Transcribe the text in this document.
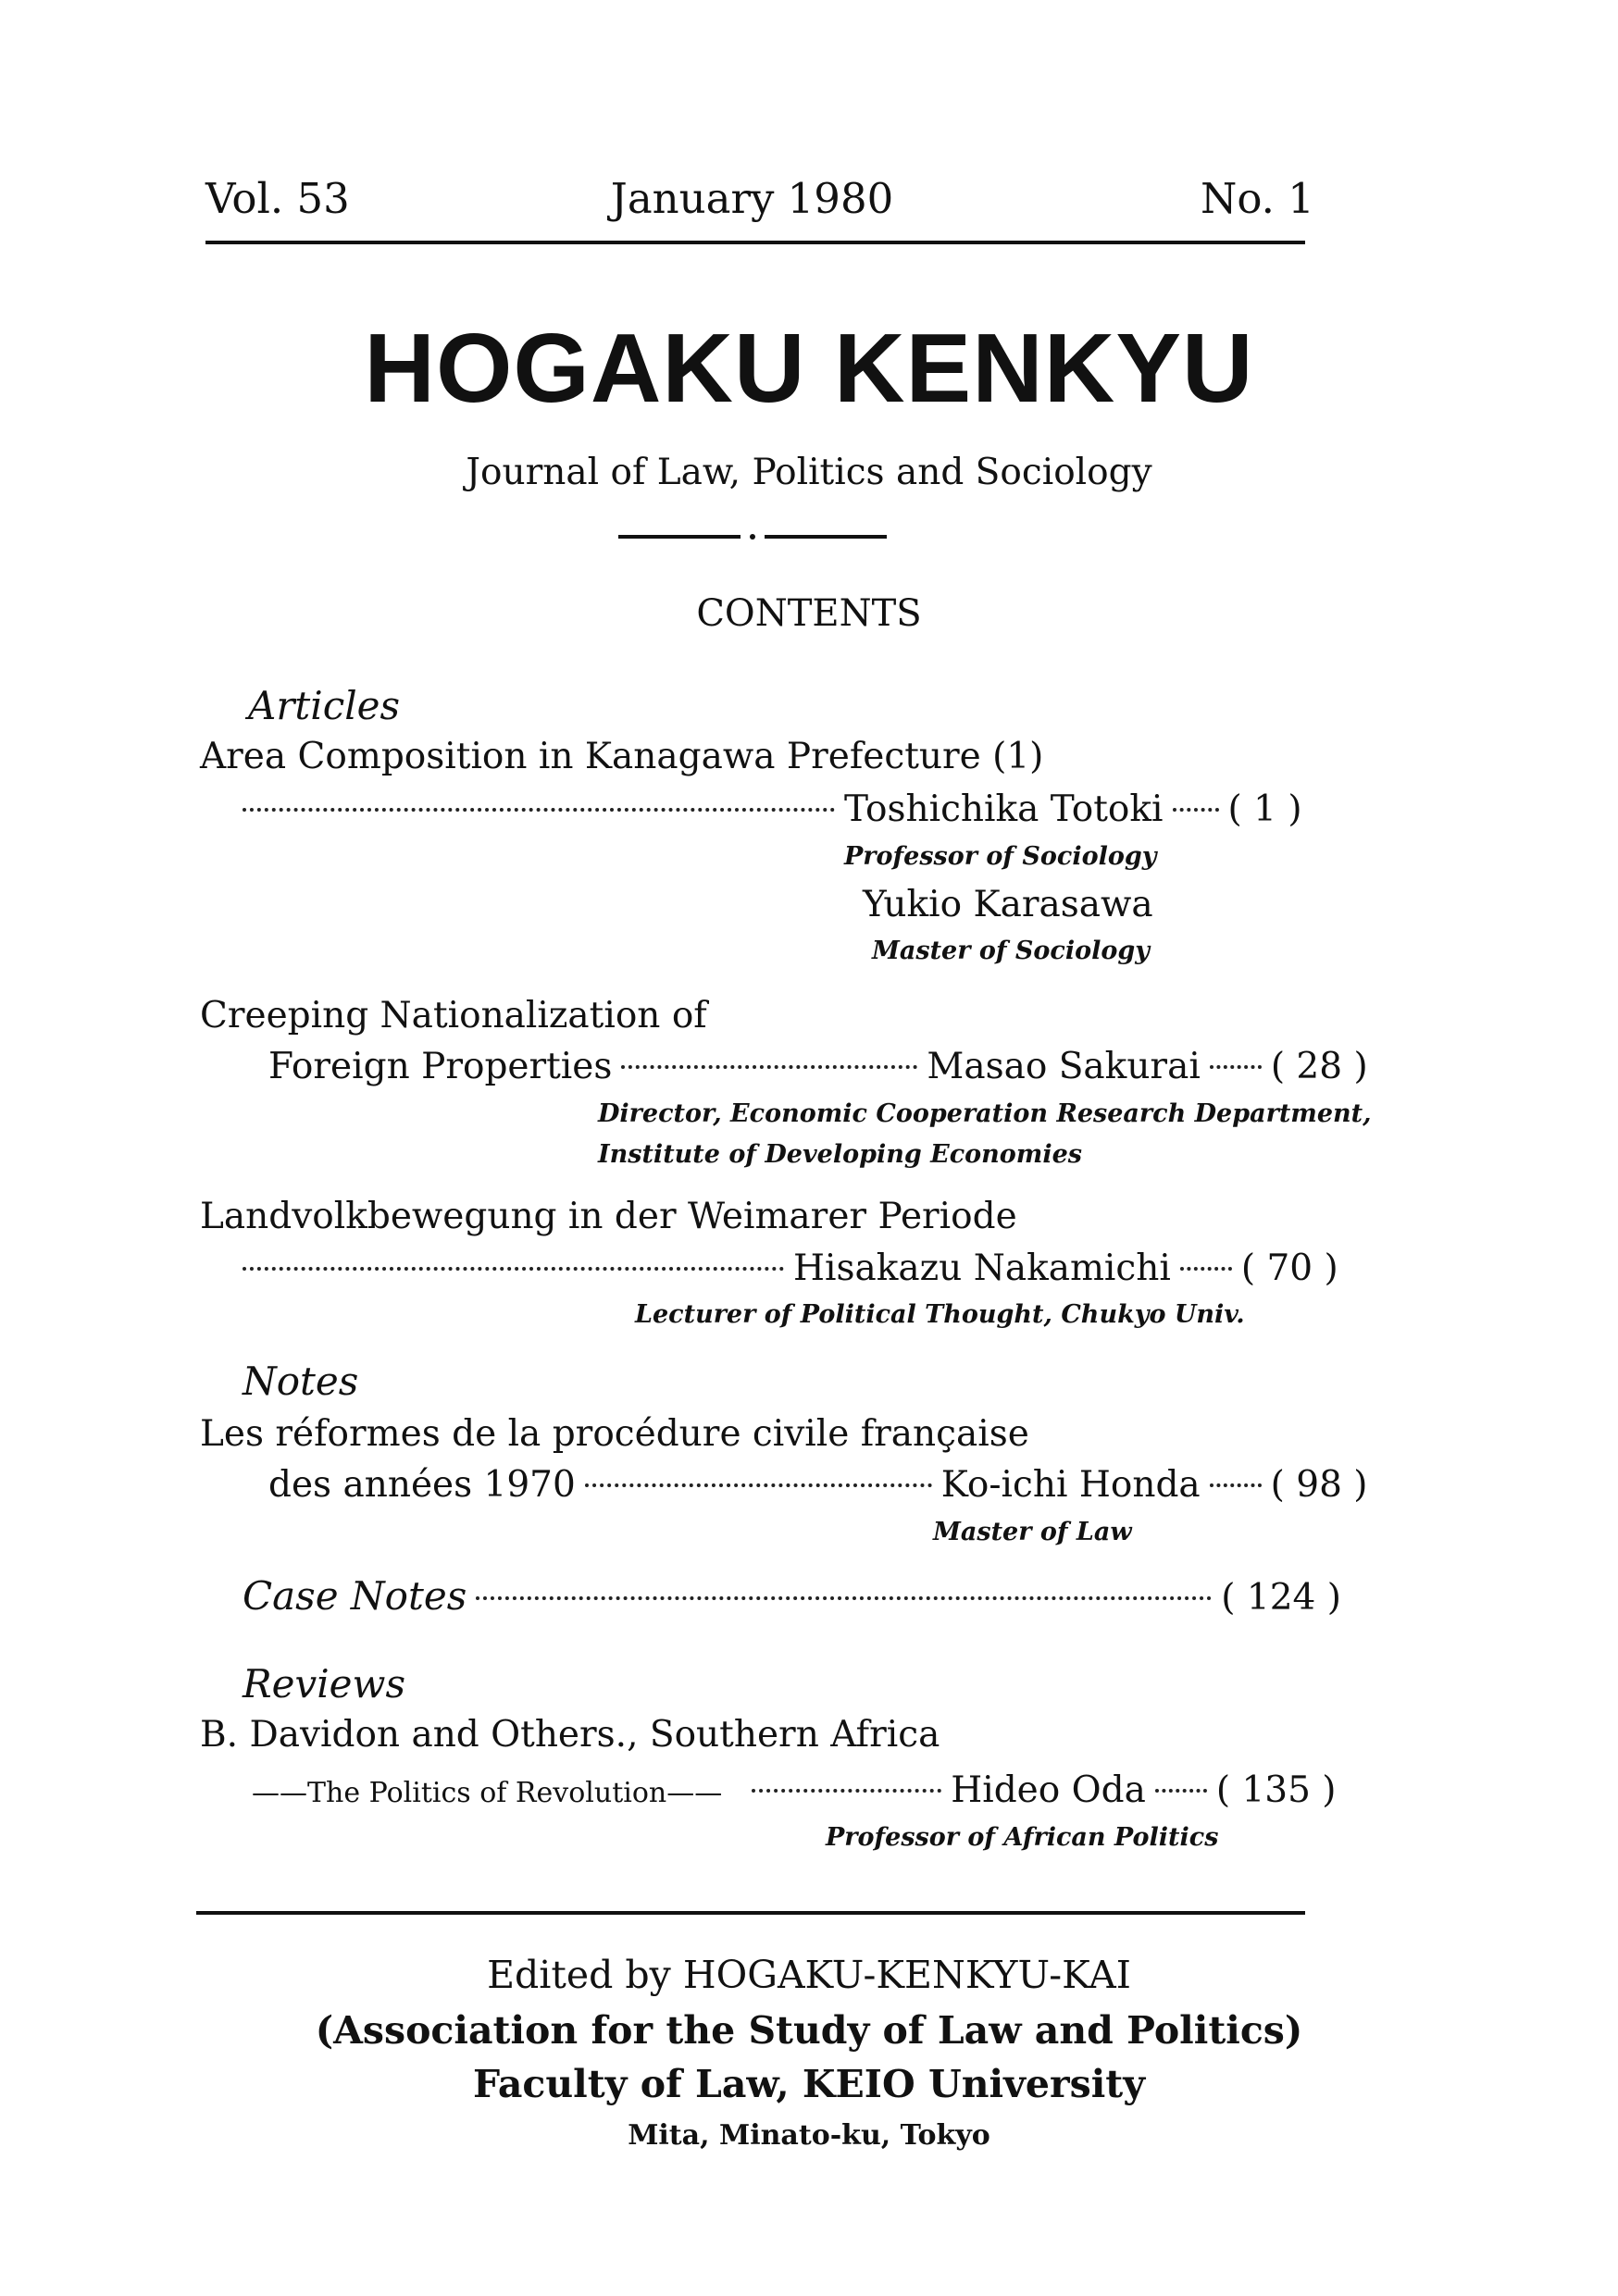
Vol. 53	January 1980	No. 1
HOGAKU KENKYU
Journal of Law, Politics and Sociology
CONTENTS
Articles
Area Composition in Kanagawa Prefecture (1)
Toshichika Totoki ( 1 )
Professor of Sociology
Yukio Karasawa
Master of Sociology
Creeping Nationalization of
Foreign Properties	Masao Sakurai ( 28 )
Director, Economic Cooperation Research Department,
Institute of Developing Economies
Landvolkbewegung in der Weimarer Periode
Hisakazu Nakamichi ( 70 )
Lecturer of Political Thought, Chukyo Univ.
Notes
Les réformes de la procédure civile française
des années 1970	Ko-ichi Honda ( 98 )
Master of Law
Case Notes	( 124 )
Reviews
B. Davidon and Others., Southern Africa
——The Politics of Revolution——	Hideo Oda ( 135 )
Professor of African Politics
Edited by HOGAKU-KENKYU-KAI
(Association for the Study of Law and Politics)
Faculty of Law, KEIO University
Mita, Minato-ku, Tokyo
